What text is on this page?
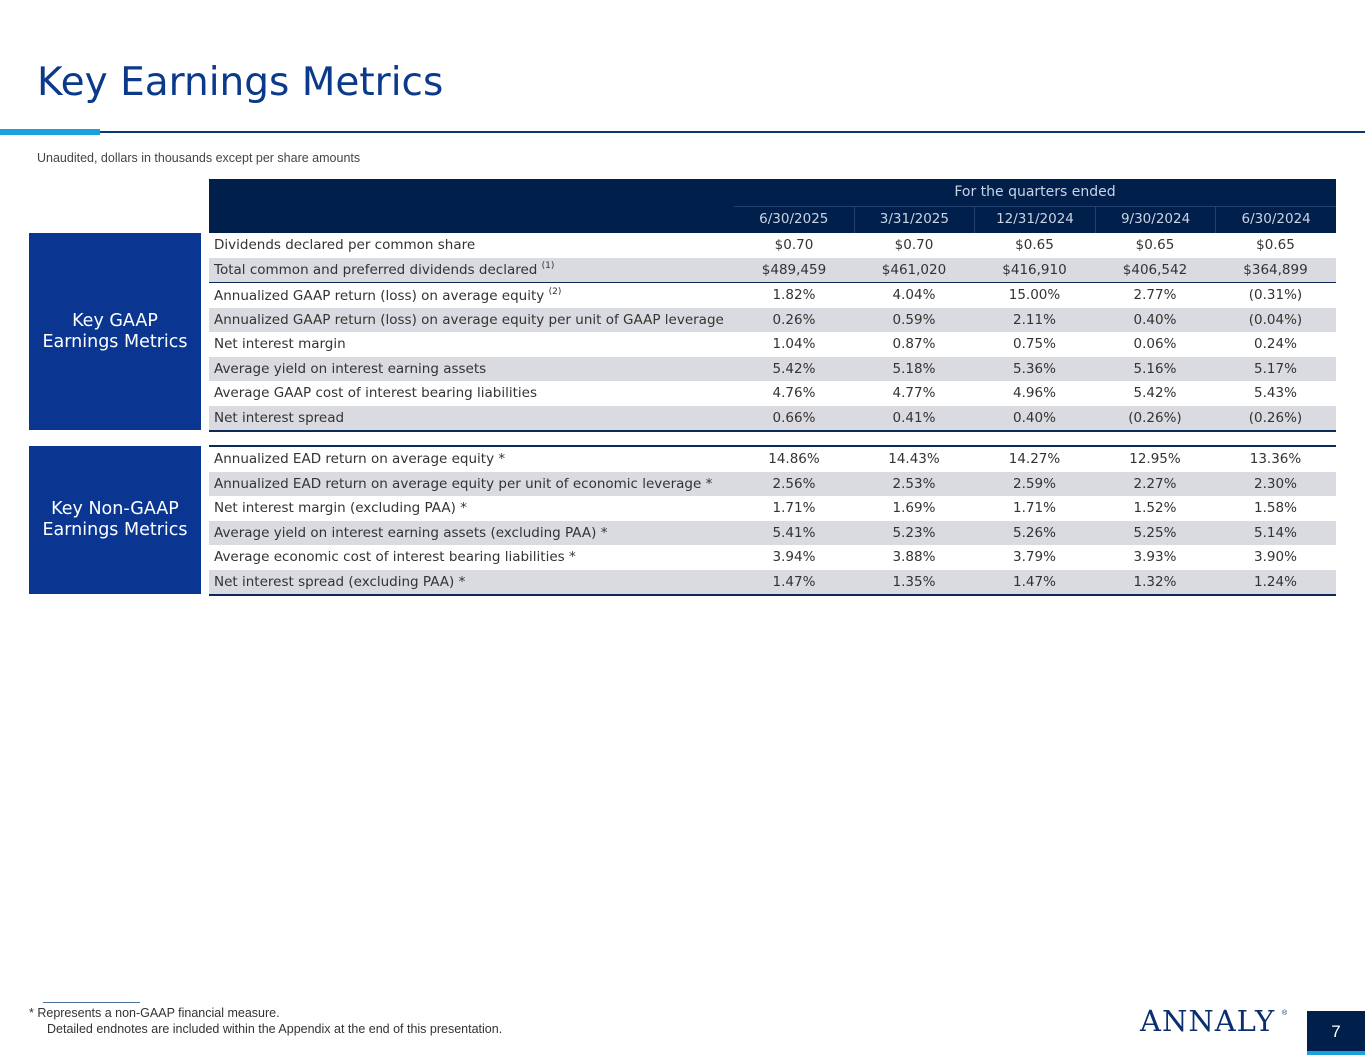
Key Earnings Metrics
Unaudited, dollars in thousands except per share amounts
For the quarters ended
6/30/2025	3/31/2025	12/31/2024	9/30/2024	6/30/2024
Key GAAP
Earnings Metrics
Dividends declared per common share	$0.70	$0.70	$0.65	$0.65	$0.65
Total common and preferred dividends declared $^{(1)}$	$489,459	$461,020	$416,910	$406,542	$364,899
Annualized GAAP return (loss) on average equity $^{(2)}$	1.82%	4.04%	15.00%	2.77%	(0.31%)
Annualized GAAP return (loss) on average equity per unit of GAAP leverage	0.26%	0.59%	2.11%	0.40%	(0.04%)
Net interest margin	1.04%	0.87%	0.75%	0.06%	0.24%
Average yield on interest earning assets	5.42%	5.18%	5.36%	5.16%	5.17%
Average GAAP cost of interest bearing liabilities	4.76%	4.77%	4.96%	5.42%	5.43%
Net interest spread	0.66%	0.41%	0.40%	(0.26%)	(0.26%)
Key Non-GAAP
Earnings Metrics
Annualized EAD return on average equity *	14.86%	14.43%	14.27%	12.95%	13.36%
Annualized EAD return on average equity per unit of economic leverage *	2.56%	2.53%	2.59%	2.27%	2.30%
Net interest margin (excluding PAA) *	1.71%	1.69%	1.71%	1.52%	1.58%
Average yield on interest earning assets (excluding PAA) *	5.41%	5.23%	5.26%	5.25%	5.14%
Average economic cost of interest bearing liabilities *	3.94%	3.88%	3.79%	3.93%	3.90%
Net interest spread (excluding PAA) *	1.47%	1.35%	1.47%	1.32%	1.24%
* Represents a non-GAAP financial measure.
Detailed endnotes are included within the Appendix at the end of this presentation.	ANNALY ®
7
